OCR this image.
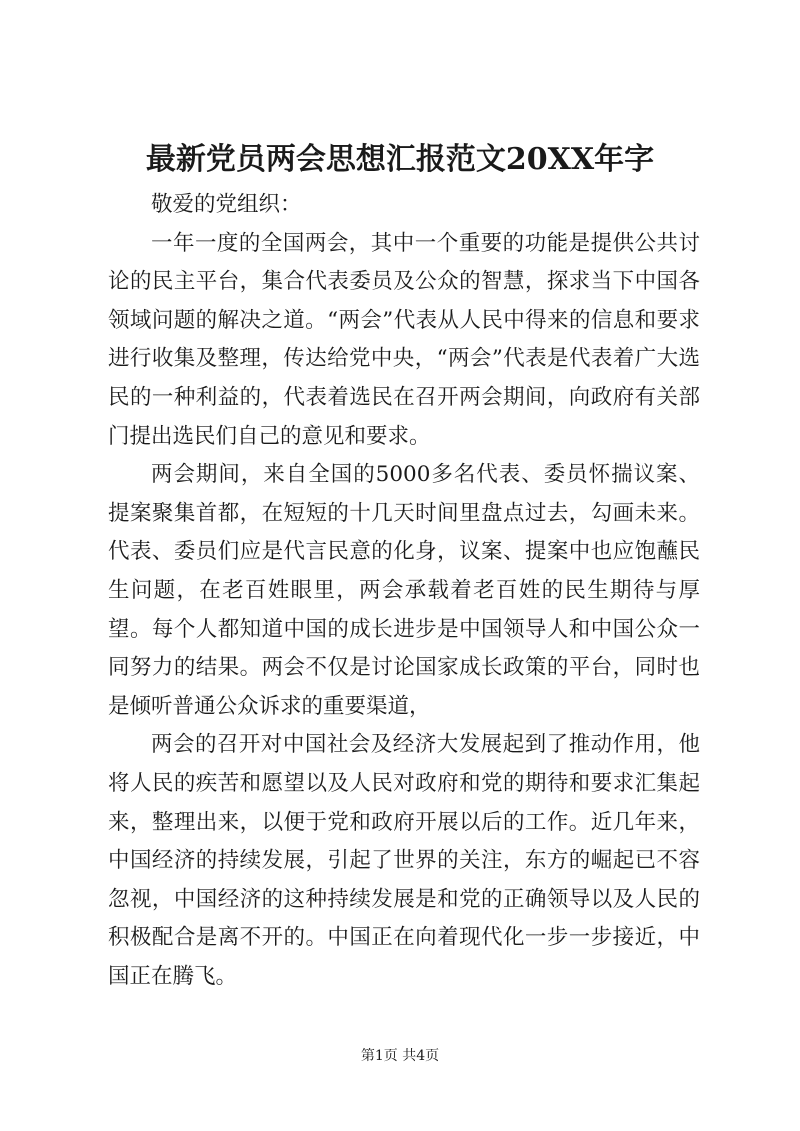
最新党员两会思想汇报范文20XX年字

敬爱的党组织：

一年一度的全国两会，其中一个重要的功能是提供公共讨论的民主平台，集合代表委员及公众的智慧，探求当下中国各领域问题的解决之道。“两会”代表从人民中得来的信息和要求进行收集及整理，传达给党中央，“两会”代表是代表着广大选民的一种利益的，代表着选民在召开两会期间，向政府有关部门提出选民们自己的意见和要求。

两会期间，来自全国的5000多名代表、委员怀揣议案、提案聚集首都，在短短的十几天时间里盘点过去，勾画未来。代表、委员们应是代言民意的化身，议案、提案中也应饱蘸民生问题，在老百姓眼里，两会承载着老百姓的民生期待与厚望。每个人都知道中国的成长进步是中国领导人和中国公众一同努力的结果。两会不仅是讨论国家成长政策的平台，同时也是倾听普通公众诉求的重要渠道，

两会的召开对中国社会及经济大发展起到了推动作用，他将人民的疾苦和愿望以及人民对政府和党的期待和要求汇集起来，整理出来，以便于党和政府开展以后的工作。近几年来，中国经济的持续发展，引起了世界的关注，东方的崛起已不容忽视，中国经济的这种持续发展是和党的正确领导以及人民的积极配合是离不开的。中国正在向着现代化一步一步接近，中国正在腾飞。

第1页 共4页
